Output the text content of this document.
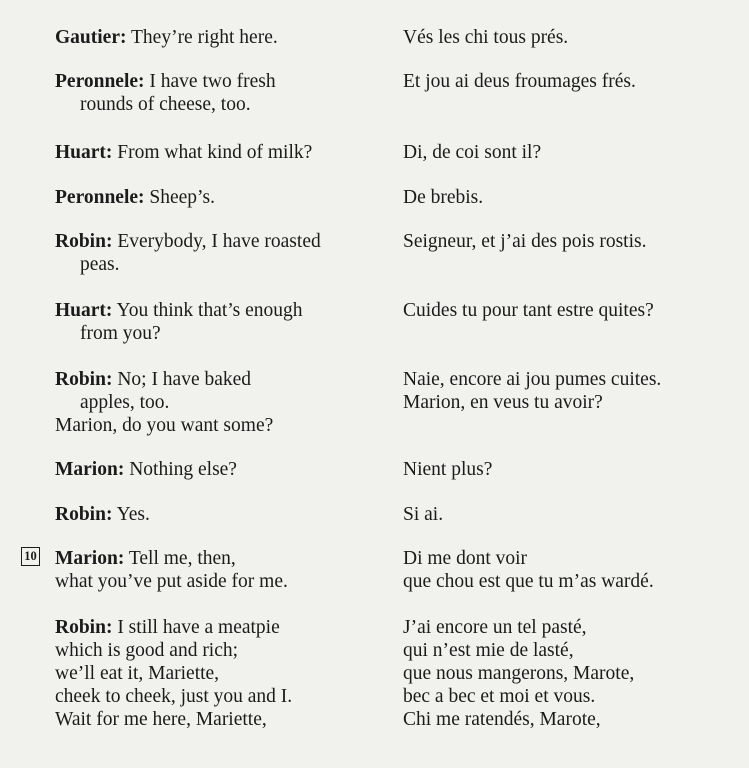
10
Gautier: They’re right here.
Peronnele: I have two fresh
rounds of cheese, too.
Huart: From what kind of milk?
Peronnele: Sheep’s.
Robin: Everybody, I have roasted
peas.
Huart: You think that’s enough
from you?
Robin: No; I have baked
apples, too.
Marion, do you want some?
Marion: Nothing else?
Robin: Yes.
Marion: Tell me, then,
what you’ve put aside for me.
Robin: I still have a meatpie
which is good and rich;
we’ll eat it, Mariette,
cheek to cheek, just you and I.
Wait for me here, Mariette,
Vés les chi tous prés.
Et jou ai deus froumages frés.
Di, de coi sont il?
De brebis.
Seigneur, et j’ai des pois rostis.
Cuides tu pour tant estre quites?
Naie, encore ai jou pumes cuites.
Marion, en veus tu avoir?
Nient plus?
Si ai.
Di me dont voir
que chou est que tu m’as wardé.
J’ai encore un tel pasté,
qui n’est mie de lasté,
que nous mangerons, Marote,
bec a bec et moi et vous.
Chi me ratendés, Marote,
